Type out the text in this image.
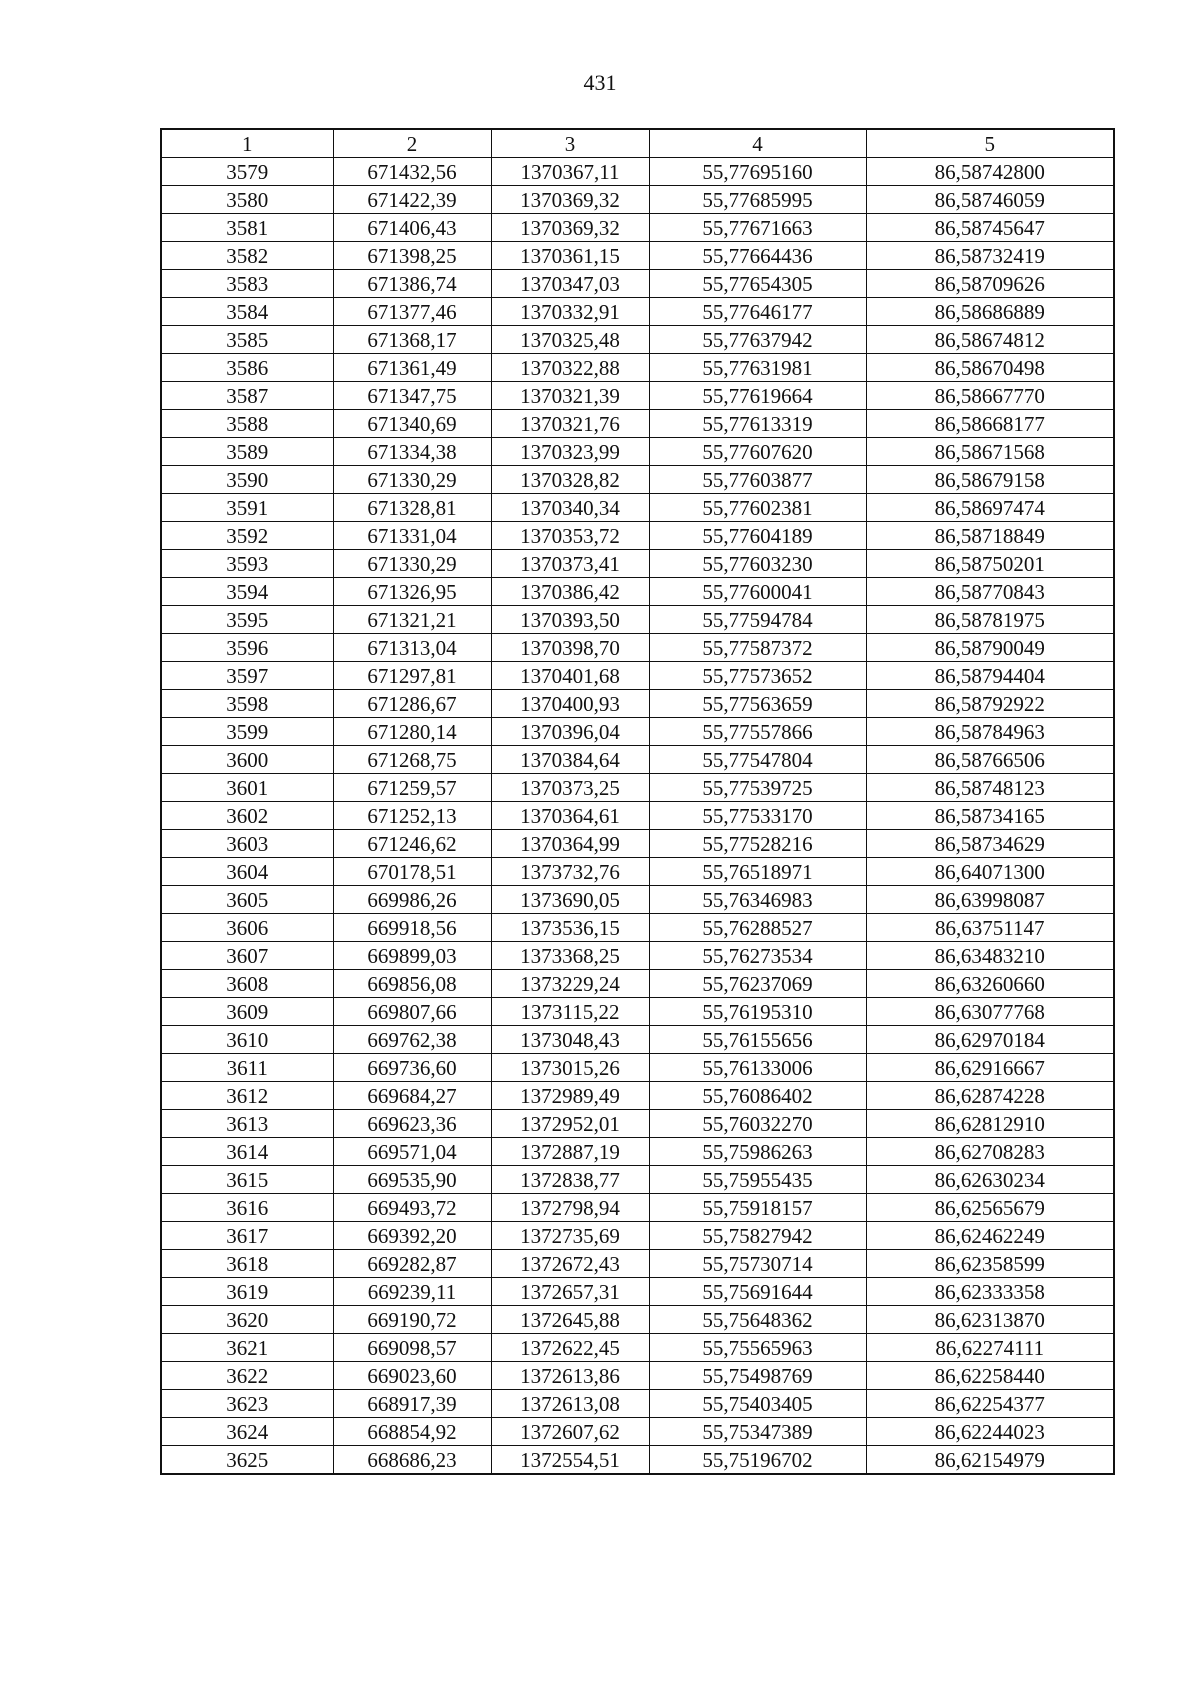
431
1	2	3	4	5
3579	671432,56	1370367,11	55,77695160	86,58742800
3580	671422,39	1370369,32	55,77685995	86,58746059
3581	671406,43	1370369,32	55,77671663	86,58745647
3582	671398,25	1370361,15	55,77664436	86,58732419
3583	671386,74	1370347,03	55,77654305	86,58709626
3584	671377,46	1370332,91	55,77646177	86,58686889
3585	671368,17	1370325,48	55,77637942	86,58674812
3586	671361,49	1370322,88	55,77631981	86,58670498
3587	671347,75	1370321,39	55,77619664	86,58667770
3588	671340,69	1370321,76	55,77613319	86,58668177
3589	671334,38	1370323,99	55,77607620	86,58671568
3590	671330,29	1370328,82	55,77603877	86,58679158
3591	671328,81	1370340,34	55,77602381	86,58697474
3592	671331,04	1370353,72	55,77604189	86,58718849
3593	671330,29	1370373,41	55,77603230	86,58750201
3594	671326,95	1370386,42	55,77600041	86,58770843
3595	671321,21	1370393,50	55,77594784	86,58781975
3596	671313,04	1370398,70	55,77587372	86,58790049
3597	671297,81	1370401,68	55,77573652	86,58794404
3598	671286,67	1370400,93	55,77563659	86,58792922
3599	671280,14	1370396,04	55,77557866	86,58784963
3600	671268,75	1370384,64	55,77547804	86,58766506
3601	671259,57	1370373,25	55,77539725	86,58748123
3602	671252,13	1370364,61	55,77533170	86,58734165
3603	671246,62	1370364,99	55,77528216	86,58734629
3604	670178,51	1373732,76	55,76518971	86,64071300
3605	669986,26	1373690,05	55,76346983	86,63998087
3606	669918,56	1373536,15	55,76288527	86,63751147
3607	669899,03	1373368,25	55,76273534	86,63483210
3608	669856,08	1373229,24	55,76237069	86,63260660
3609	669807,66	1373115,22	55,76195310	86,63077768
3610	669762,38	1373048,43	55,76155656	86,62970184
3611	669736,60	1373015,26	55,76133006	86,62916667
3612	669684,27	1372989,49	55,76086402	86,62874228
3613	669623,36	1372952,01	55,76032270	86,62812910
3614	669571,04	1372887,19	55,75986263	86,62708283
3615	669535,90	1372838,77	55,75955435	86,62630234
3616	669493,72	1372798,94	55,75918157	86,62565679
3617	669392,20	1372735,69	55,75827942	86,62462249
3618	669282,87	1372672,43	55,75730714	86,62358599
3619	669239,11	1372657,31	55,75691644	86,62333358
3620	669190,72	1372645,88	55,75648362	86,62313870
3621	669098,57	1372622,45	55,75565963	86,62274111
3622	669023,60	1372613,86	55,75498769	86,62258440
3623	668917,39	1372613,08	55,75403405	86,62254377
3624	668854,92	1372607,62	55,75347389	86,62244023
3625	668686,23	1372554,51	55,75196702	86,62154979
